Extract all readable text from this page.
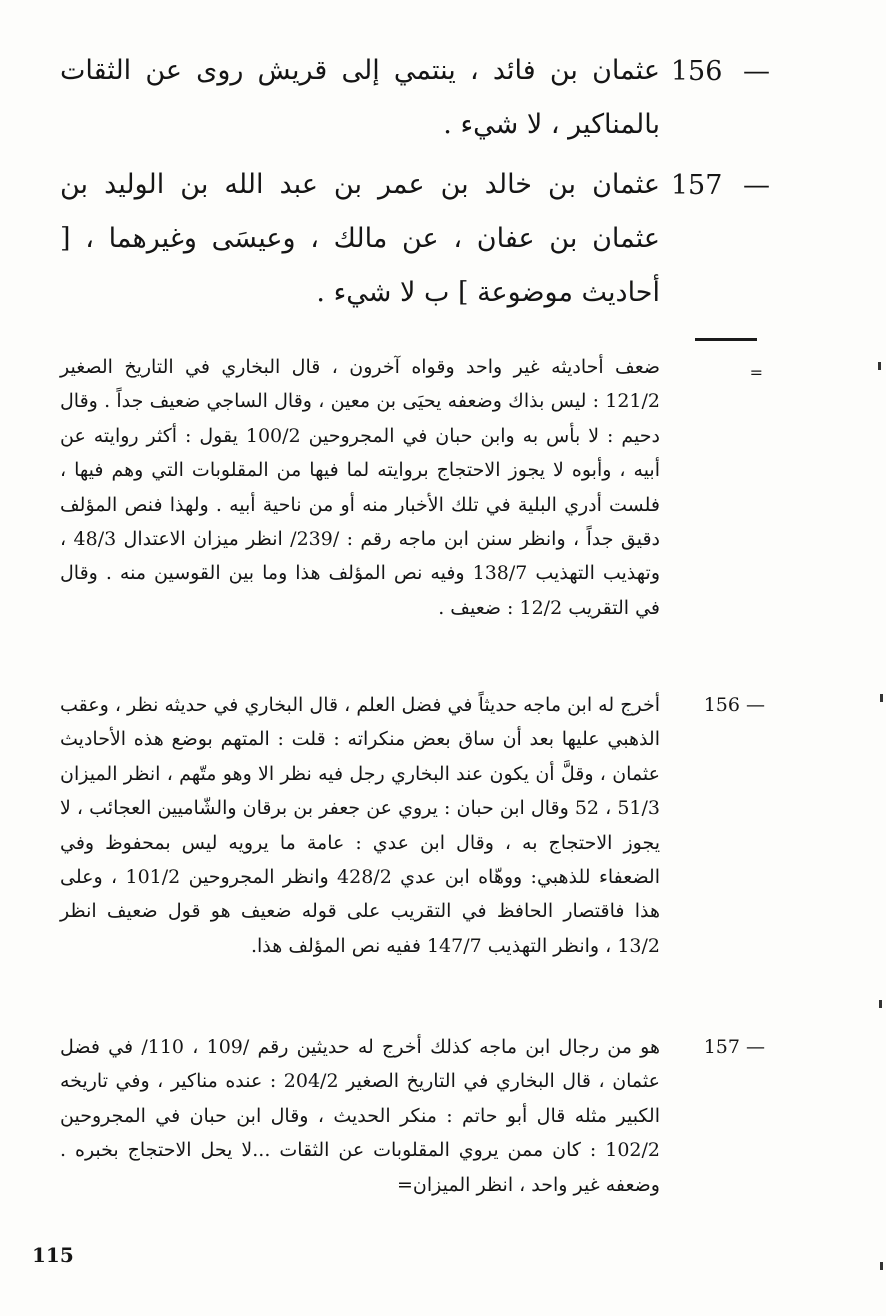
156 —
عثمان بن فائد ، ينتمي إلى قريش روى عن الثقات بالمناكير ، لا شيء .
157 —
عثمان بن خالد بن عمر بن عبد الله بن الوليد بن عثمان بن عفان ، عن مالك ، وعيسَى وغيرهما ، [ أحاديث موضوعة ] ب لا شيء .
=
ضعف أحاديثه غير واحد وقواه آخرون ، قال البخاري في التاريخ الصغير 121/2 : ليس بذاك وضعفه يحيَى بن معين ، وقال الساجي ضعيف جداً . وقال دحيم : لا بأس به وابن حبان في المجروحين 100/2 يقول : أكثر روايته عن أبيه ، وأبوه لا يجوز الاحتجاج بروايته لما فيها من المقلوبات التي وهم فيها ، فلست أدري البلية في تلك الأخبار منه أو من ناحية أبيه . ولهذا فنص المؤلف دقيق جداً ، وانظر سنن ابن ماجه رقم : /239/ انظر ميزان الاعتدال 48/3 ، وتهذيب التهذيب 138/7 وفيه نص المؤلف هذا وما بين القوسين منه . وقال في التقريب 12/2 : ضعيف .
156 —
أخرج له ابن ماجه حديثاً في فضل العلم ، قال البخاري في حديثه نظر ، وعقب الذهبي عليها بعد أن ساق بعض منكراته : قلت : المتهم بوضع هذه الأحاديث عثمان ، وقلَّ أن يكون عند البخاري رجل فيه نظر الا وهو متّهم ، انظر الميزان 51/3 ، 52 وقال ابن حبان : يروي عن جعفر بن برقان والشّاميين العجائب ، لا يجوز الاحتجاج به ، وقال ابن عدي : عامة ما يرويه ليس بمحفوظ وفي الضعفاء للذهبي: ووهّاه ابن عدي 428/2 وانظر المجروحين 101/2 ، وعلى هذا فاقتصار الحافظ في التقريب على قوله ضعيف هو قول ضعيف انظر 13/2 ، وانظر التهذيب 147/7 ففيه نص المؤلف هذا.
157 —
هو من رجال ابن ماجه كذلك أخرج له حديثين رقم /109 ، 110/ في فضل عثمان ، قال البخاري في التاريخ الصغير 204/2 : عنده مناكير ، وفي تاريخه الكبير مثله قال أبو حاتم : منكر الحديث ، وقال ابن حبان في المجروحين 102/2 : كان ممن يروي المقلوبات عن الثقات ...لا يحل الاحتجاج بخبره . وضعفه غير واحد ، انظر الميزان=
115
